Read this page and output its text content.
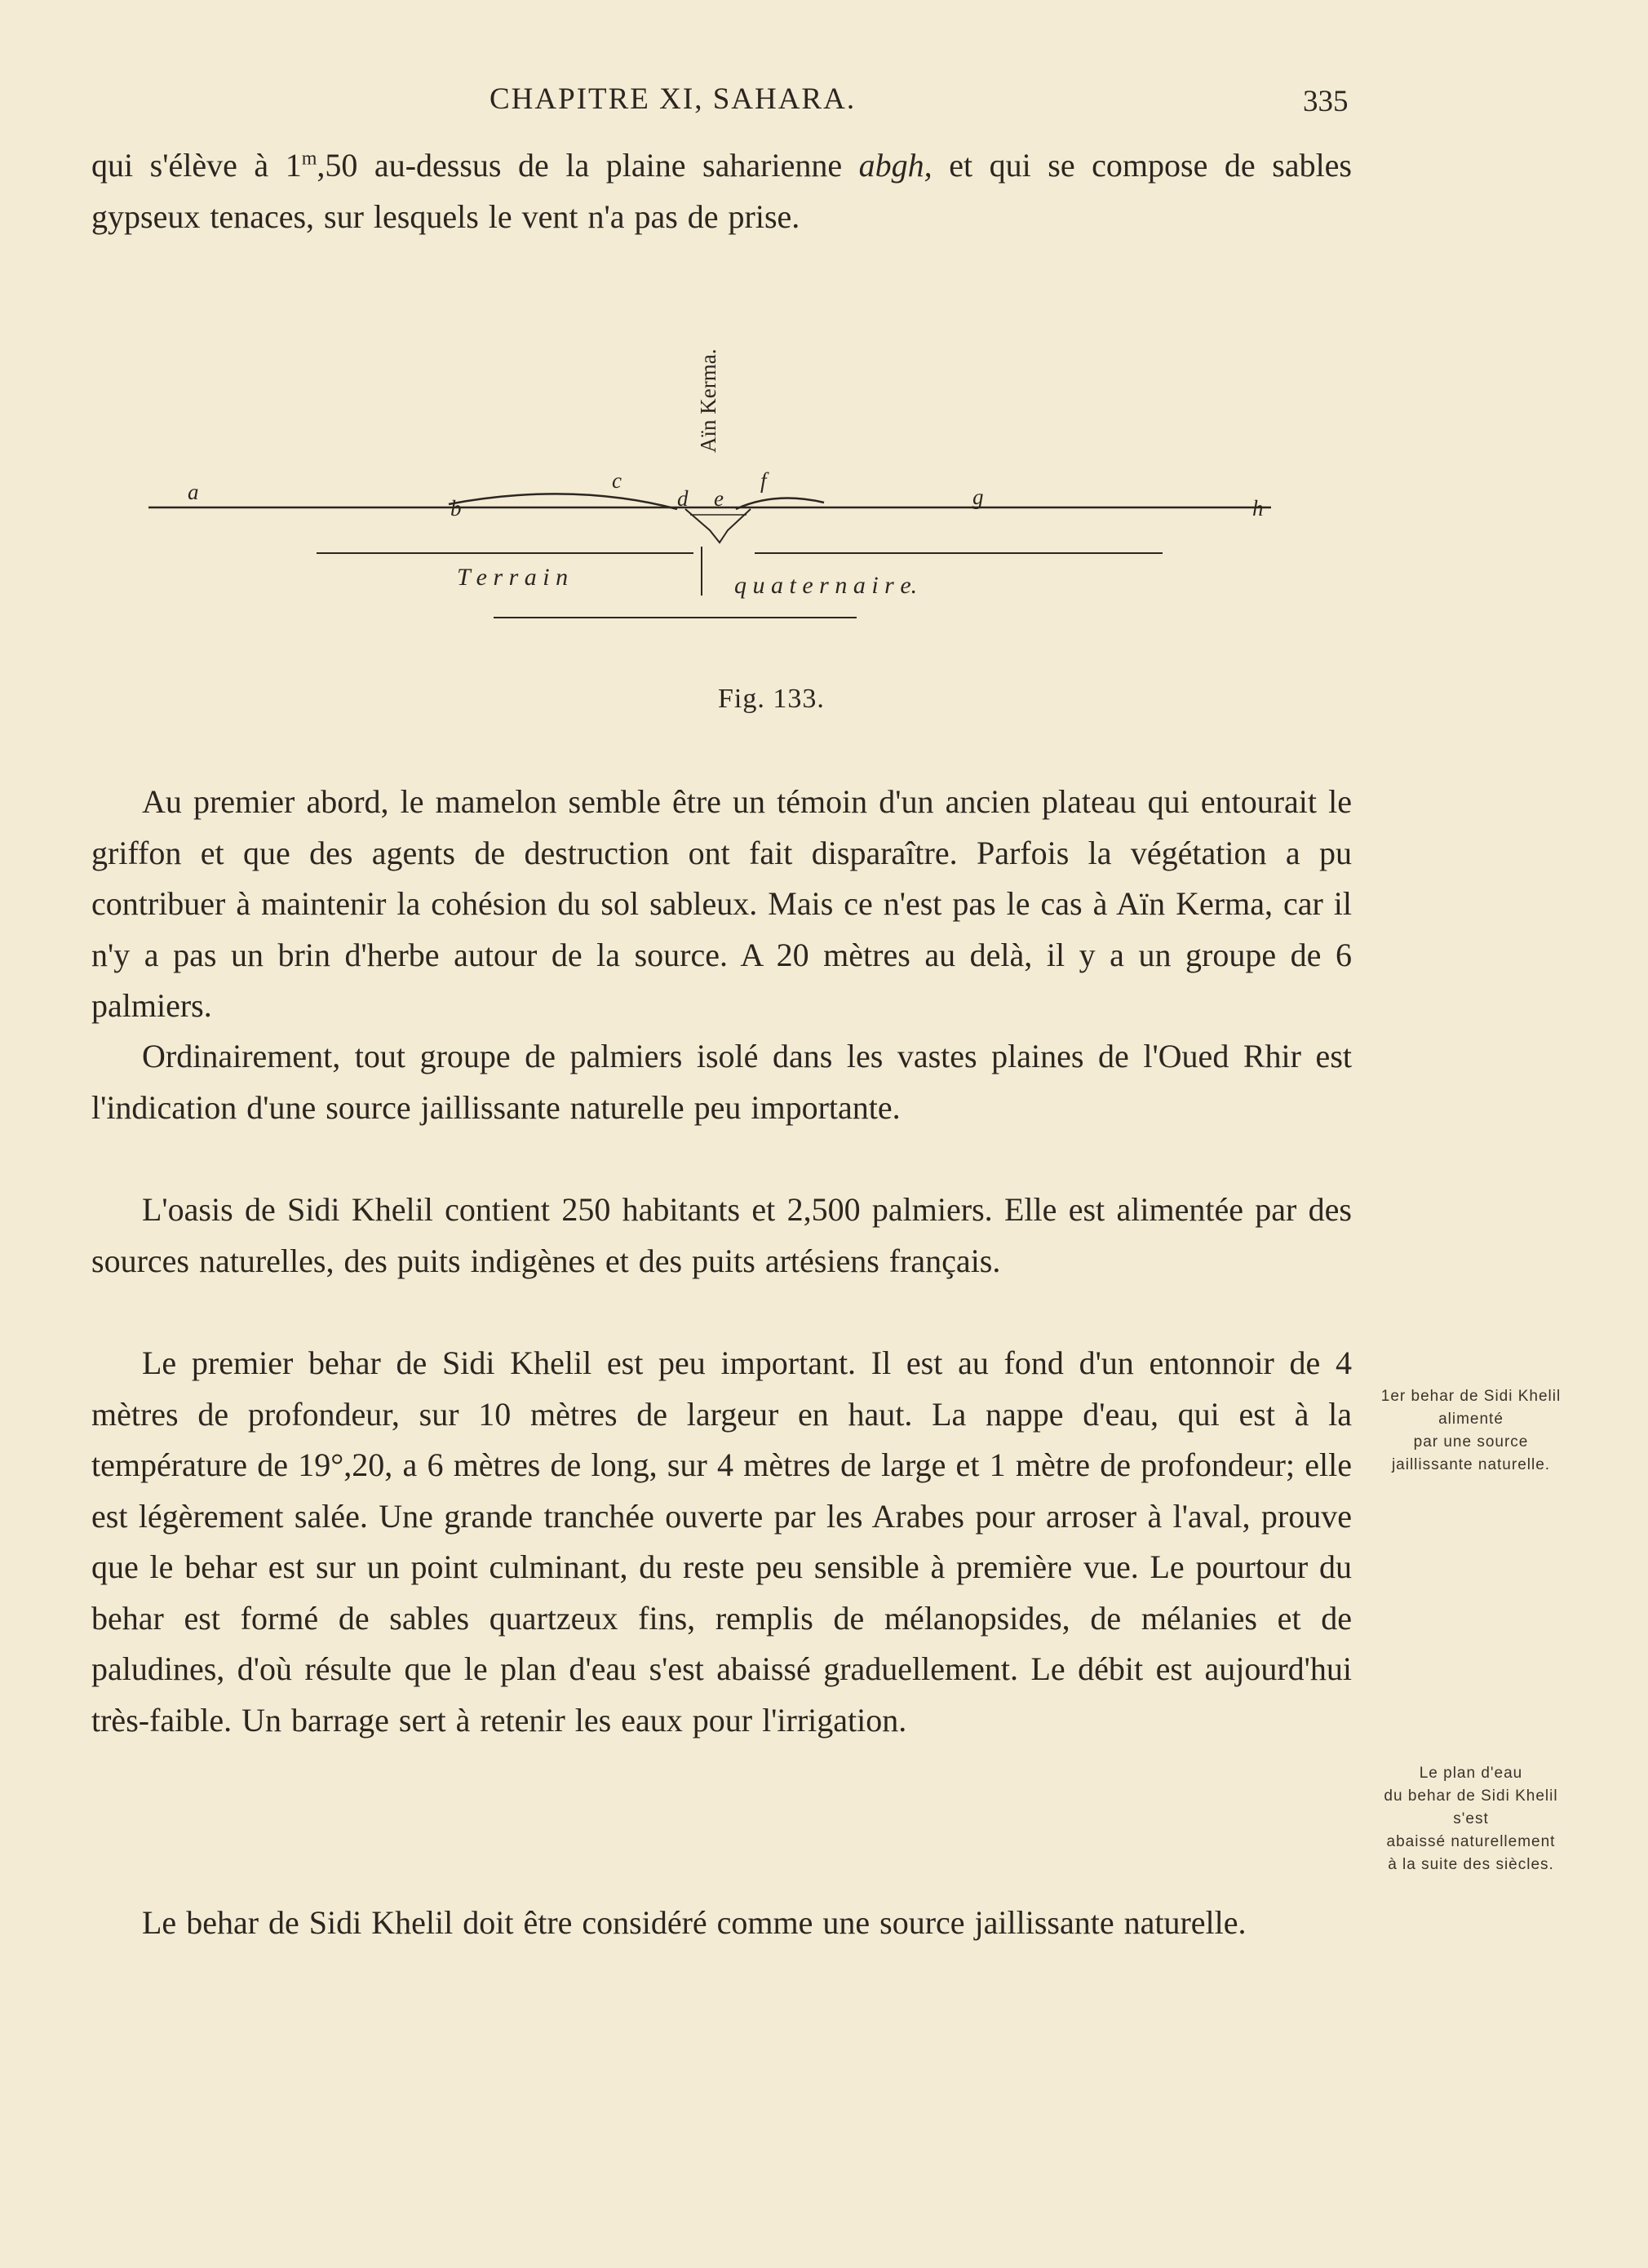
CHAPITRE XI, SAHARA.	335

qui s'élève à 1$^m$,50 au-dessus de la plaine saharienne abgh, et qui se compose de sables gypseux tenaces, sur lesquels le vent n'a pas de prise.

Aïn Kerma.
a
b
c
d e
f
g	h
T e r r a i n	q u a t e r n a i r e.
Fig. 133.

Au premier abord, le mamelon semble être un témoin d'un ancien plateau qui entourait le griffon et que des agents de destruction ont fait disparaître. Parfois la végétation a pu contribuer à maintenir la cohésion du sol sableux. Mais ce n'est pas le cas à Aïn Kerma, car il n'y a pas un brin d'herbe autour de la source. A 20 mètres au delà, il y a un groupe de 6 palmiers.

Ordinairement, tout groupe de palmiers isolé dans les vastes plaines de l'Oued Rhir est l'indication d'une source jaillissante naturelle peu importante.

L'oasis de Sidi Khelil contient 250 habitants et 2,500 palmiers. Elle est alimentée par des sources naturelles, des puits indigènes et des puits artésiens français.

Le premier behar de Sidi Khelil est peu important. Il est au fond d'un entonnoir de 4 mètres de profondeur, sur 10 mètres de largeur en haut. La nappe d'eau, qui est à la température de 19°,20, a 6 mètres de long, sur 4 mètres de large et 1 mètre de profondeur; elle est légèrement salée. Une grande tranchée ouverte par les Arabes pour arroser à l'aval, prouve que le behar est sur un point culminant, du reste peu sensible à première vue. Le pourtour du behar est formé de sables quartzeux fins, remplis de mélanopsides, de mélanies et de paludines, d'où résulte que le plan d'eau s'est abaissé graduellement. Le débit est aujourd'hui très-faible. Un barrage sert à retenir les eaux pour l'irrigation.

Le behar de Sidi Khelil doit être considéré comme une source jaillissante naturelle.

1er behar de Sidi Khelil
alimenté
par une source
jaillissante naturelle.
Le plan d'eau
du behar de Sidi Khelil
s'est
abaissé naturellement
à la suite des siècles.
